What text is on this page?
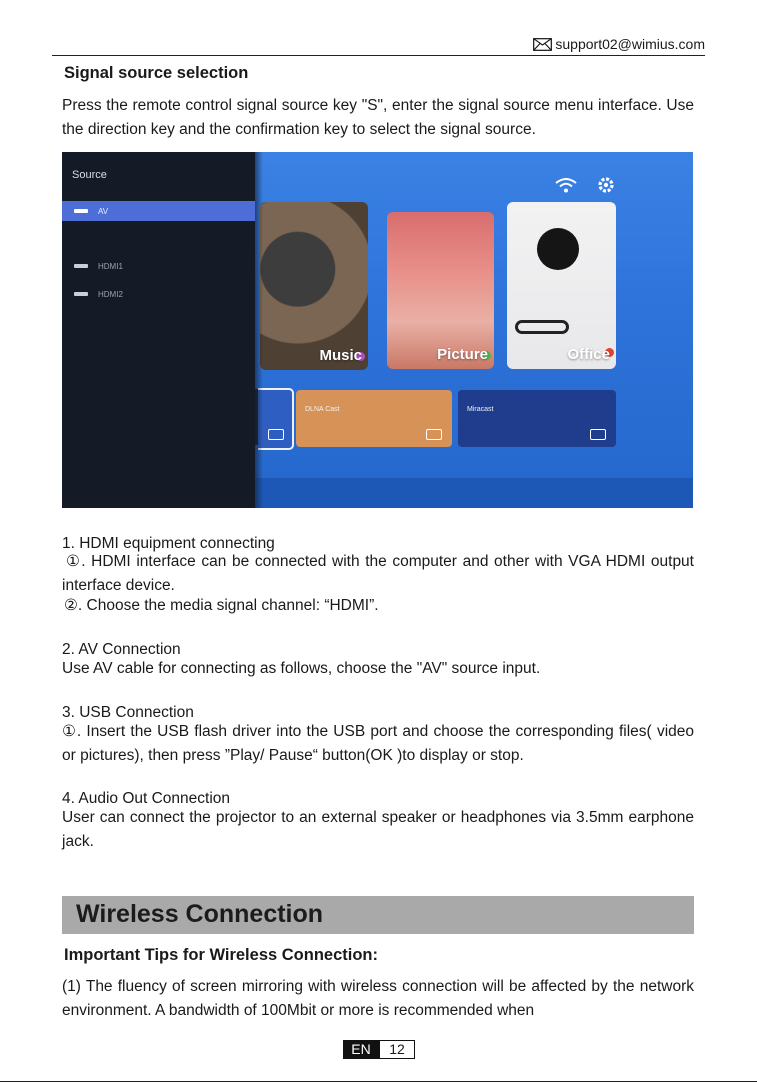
support02@wimius.com
Signal source selection
Press the remote control signal source key "S", enter the signal source menu interface. Use the direction key and the confirmation key to select the signal source.
Music	Picture	Office
DLNA Cast	Miracast
Source
AV
HDMI1
HDMI2
1. HDMI equipment connecting
①. HDMI interface can be connected with the computer and other with VGA HDMI output interface device.
②. Choose the media signal channel: “HDMI”.
2. AV Connection
Use AV cable for connecting as follows, choose the "AV" source input.
3. USB Connection
①. Insert the USB flash driver into the USB port and choose the corresponding files( video or pictures), then press ”Play/ Pause“ button(OK )to display or stop.
4. Audio Out Connection
User can connect the projector to an external speaker or headphones via 3.5mm earphone jack.
Wireless Connection
Important Tips for Wireless Connection:
(1) The fluency of screen mirroring with wireless connection will be affected by the network environment. A bandwidth of 100Mbit or more is recommended when
EN	12
